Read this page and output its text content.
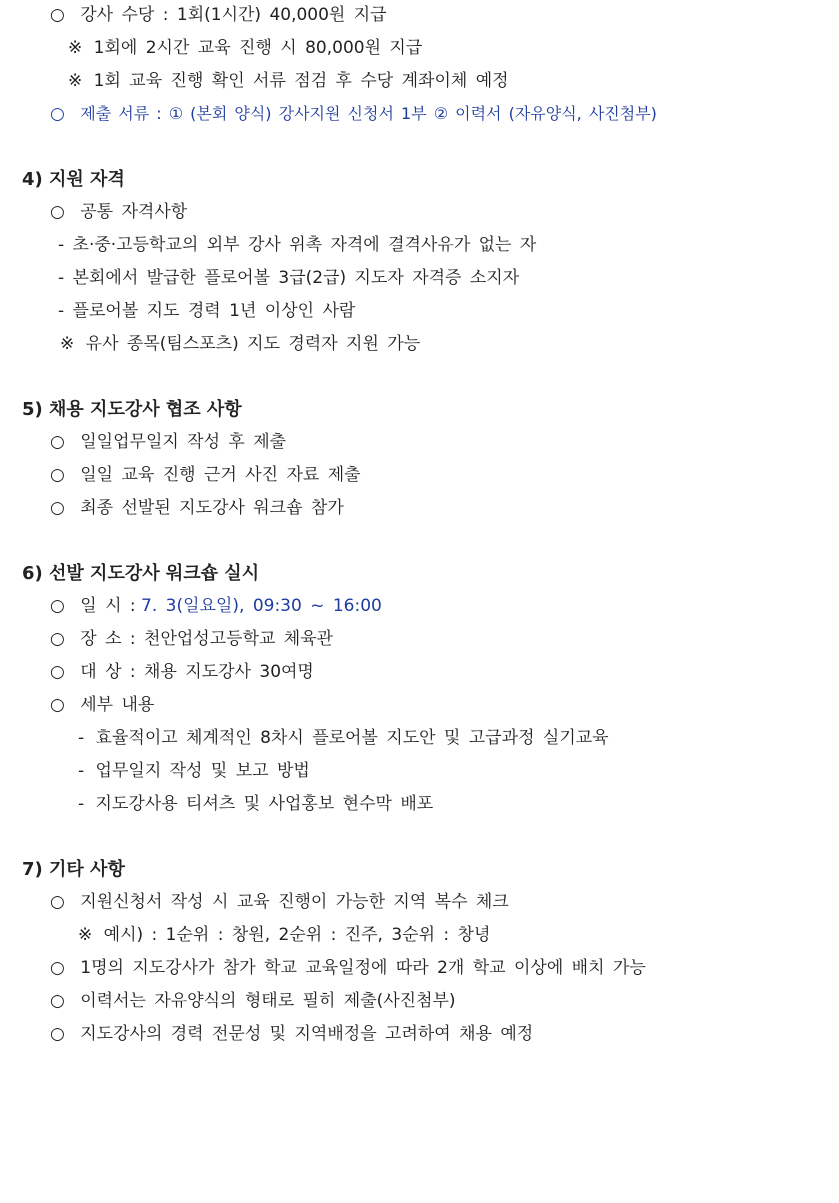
○ 강사 수당 : 1회(1시간) 40,000원 지급
※ 1회에 2시간 교육 진행 시 80,000원 지급
※ 1회 교육 진행 확인 서류 점검 후 수당 계좌이체 예정
○ 제출 서류 : ① (본회 양식) 강사지원 신청서 1부 ② 이력서 (자유양식, 사진첨부)
4) 지원 자격
○ 공통 자격사항
- 초·중·고등학교의 외부 강사 위촉 자격에 결격사유가 없는 자
- 본회에서 발급한 플로어볼 3급(2급) 지도자 자격증 소지자
- 플로어볼 지도 경력 1년 이상인 사람
※ 유사 종목(팀스포츠) 지도 경력자 지원 가능
5) 채용 지도강사 협조 사항
○ 일일업무일지 작성 후 제출
○ 일일 교육 진행 근거 사진 자료 제출
○ 최종 선발된 지도강사 워크숍 참가
6) 선발 지도강사 워크숍 실시
○ 일 시 : 7. 3(일요일), 09:30 ~ 16:00
○ 장 소 : 천안업성고등학교 체육관
○ 대 상 : 채용 지도강사 30여명
○ 세부 내용
- 효율적이고 체계적인 8차시 플로어볼 지도안 및 고급과정 실기교육
- 업무일지 작성 및 보고 방법
- 지도강사용 티셔츠 및 사업홍보 현수막 배포
7) 기타 사항
○ 지원신청서 작성 시 교육 진행이 가능한 지역 복수 체크
※ 예시) : 1순위 : 창원, 2순위 : 진주, 3순위 : 창녕
○ 1명의 지도강사가 참가 학교 교육일정에 따라 2개 학교 이상에 배치 가능
○ 이력서는 자유양식의 형태로 필히 제출(사진첨부)
○ 지도강사의 경력 전문성 및 지역배정을 고려하여 채용 예정
